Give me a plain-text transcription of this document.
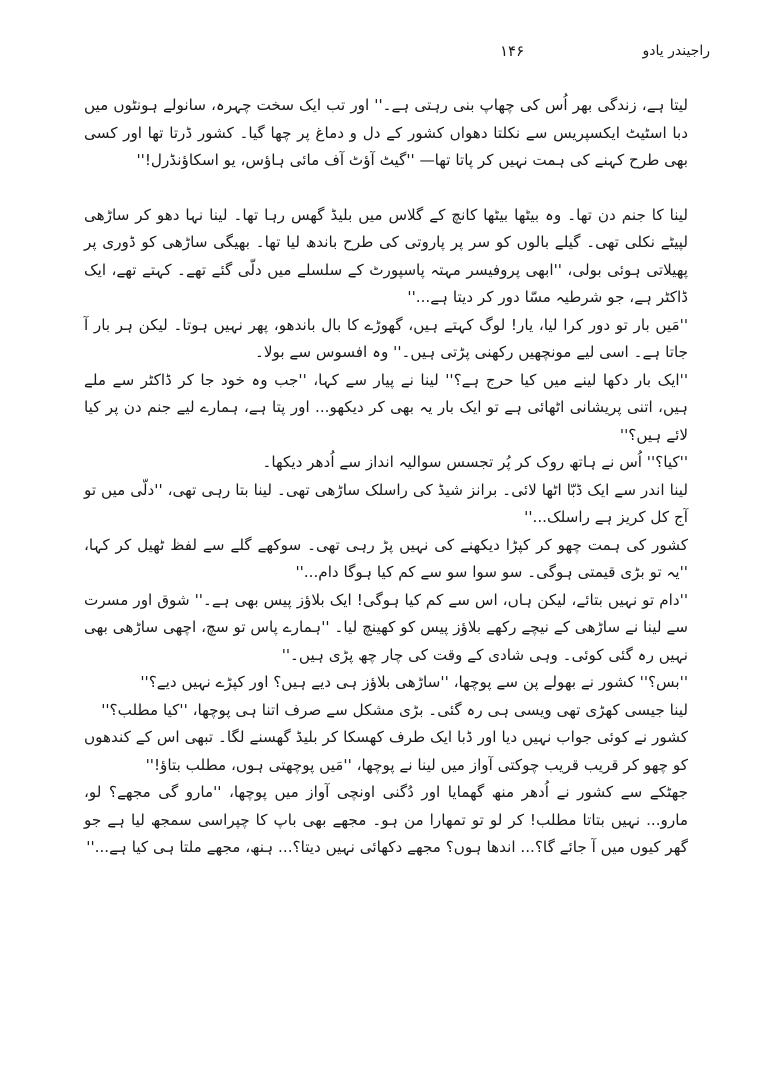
۱۴۶	راجیندر یادو

لیتا ہے، زندگی بھر اُس کی چھاپ بنی رہتی ہے۔'' اور تب ایک سخت چہرہ، سانولے ہونٹوں میں دبا اسٹیٹ ایکسپریس سے نکلتا دھواں کشور کے دل و دماغ پر چھا گیا۔ کشور ڈرتا تھا اور کسی بھی طرح کہنے کی ہمت نہیں کر پاتا تھا— ''گیٹ آؤٹ آف مائی ہاؤس، یو اسکاؤنڈرل!''

لینا کا جنم دن تھا۔ وہ بیٹھا بیٹھا کانچ کے گلاس میں بلیڈ گھس رہا تھا۔ لینا نہا دھو کر ساڑھی لپیٹے نکلی تھی۔ گیلے بالوں کو سر پر پاروتی کی طرح باندھ لیا تھا۔ بھیگی ساڑھی کو ڈوری پر پھیلاتی ہوئی بولی، ''ابھی پروفیسر مہتہ پاسپورٹ کے سلسلے میں دلّی گئے تھے۔ کہتے تھے، ایک ڈاکٹر ہے، جو شرطیہ مسّا دور کر دیتا ہے...''

''مَیں بار تو دور کرا لیا، یار! لوگ کہتے ہیں، گھوڑے کا بال باندھو، پھر نہیں ہوتا۔ لیکن ہر بار آ جاتا ہے۔ اسی لیے مونچھیں رکھنی پڑتی ہیں۔'' وہ افسوس سے بولا۔

''ایک بار دکھا لینے میں کیا حرج ہے؟'' لینا نے پیار سے کہا، ''جب وہ خود جا کر ڈاکٹر سے ملے ہیں، اتنی پریشانی اٹھائی ہے تو ایک بار یہ بھی کر دیکھو... اور پتا ہے، ہمارے لیے جنم دن پر کیا لائے ہیں؟''

''کیا؟'' اُس نے ہاتھ روک کر پُر تجسس سوالیہ انداز سے اُدھر دیکھا۔

لینا اندر سے ایک ڈبّا اٹھا لائی۔ برانز شیڈ کی راسلک ساڑھی تھی۔ لینا بتا رہی تھی، ''دلّی میں تو آج کل کریز ہے راسلک...''

کشور کی ہمت چھو کر کپڑا دیکھنے کی نہیں پڑ رہی تھی۔ سوکھے گلے سے لفظ ٹھیل کر کہا، ''یہ تو بڑی قیمتی ہوگی۔ سو سوا سو سے کم کیا ہوگا دام...''

''دام تو نہیں بتائے، لیکن ہاں، اس سے کم کیا ہوگی! ایک بلاؤز پیس بھی ہے۔'' شوق اور مسرت سے لینا نے ساڑھی کے نیچے رکھے بلاؤز پیس کو کھینچ لیا۔ ''ہمارے پاس تو سچ، اچھی ساڑھی بھی نہیں رہ گئی کوئی۔ وہی شادی کے وقت کی چار چھ پڑی ہیں۔''

''بس؟'' کشور نے بھولے پن سے پوچھا، ''ساڑھی بلاؤز ہی دیے ہیں؟ اور کپڑے نہیں دیے؟''

لینا جیسی کھڑی تھی ویسی ہی رہ گئی۔ بڑی مشکل سے صرف اتنا ہی پوچھا، ''کیا مطلب؟''

کشور نے کوئی جواب نہیں دیا اور ڈبا ایک طرف کھسکا کر بلیڈ گھسنے لگا۔ تبھی اس کے کندھوں کو چھو کر قریب قریب چوکتی آواز میں لینا نے پوچھا، ''مَیں پوچھتی ہوں، مطلب بتاؤ!''

جھٹکے سے کشور نے اُدھر منھ گھمایا اور دُگنی اونچی آواز میں پوچھا، ''مارو گی مجھے؟ لو، مارو... نہیں بتاتا مطلب! کر لو تو تمھارا من ہو۔ مجھے بھی باپ کا چپراسی سمجھ لیا ہے جو گھر کیوں میں آ جائے گا؟... اندھا ہوں؟ مجھے دکھائی نہیں دیتا؟... ہنھ، مجھے ملتا ہی کیا ہے...''
